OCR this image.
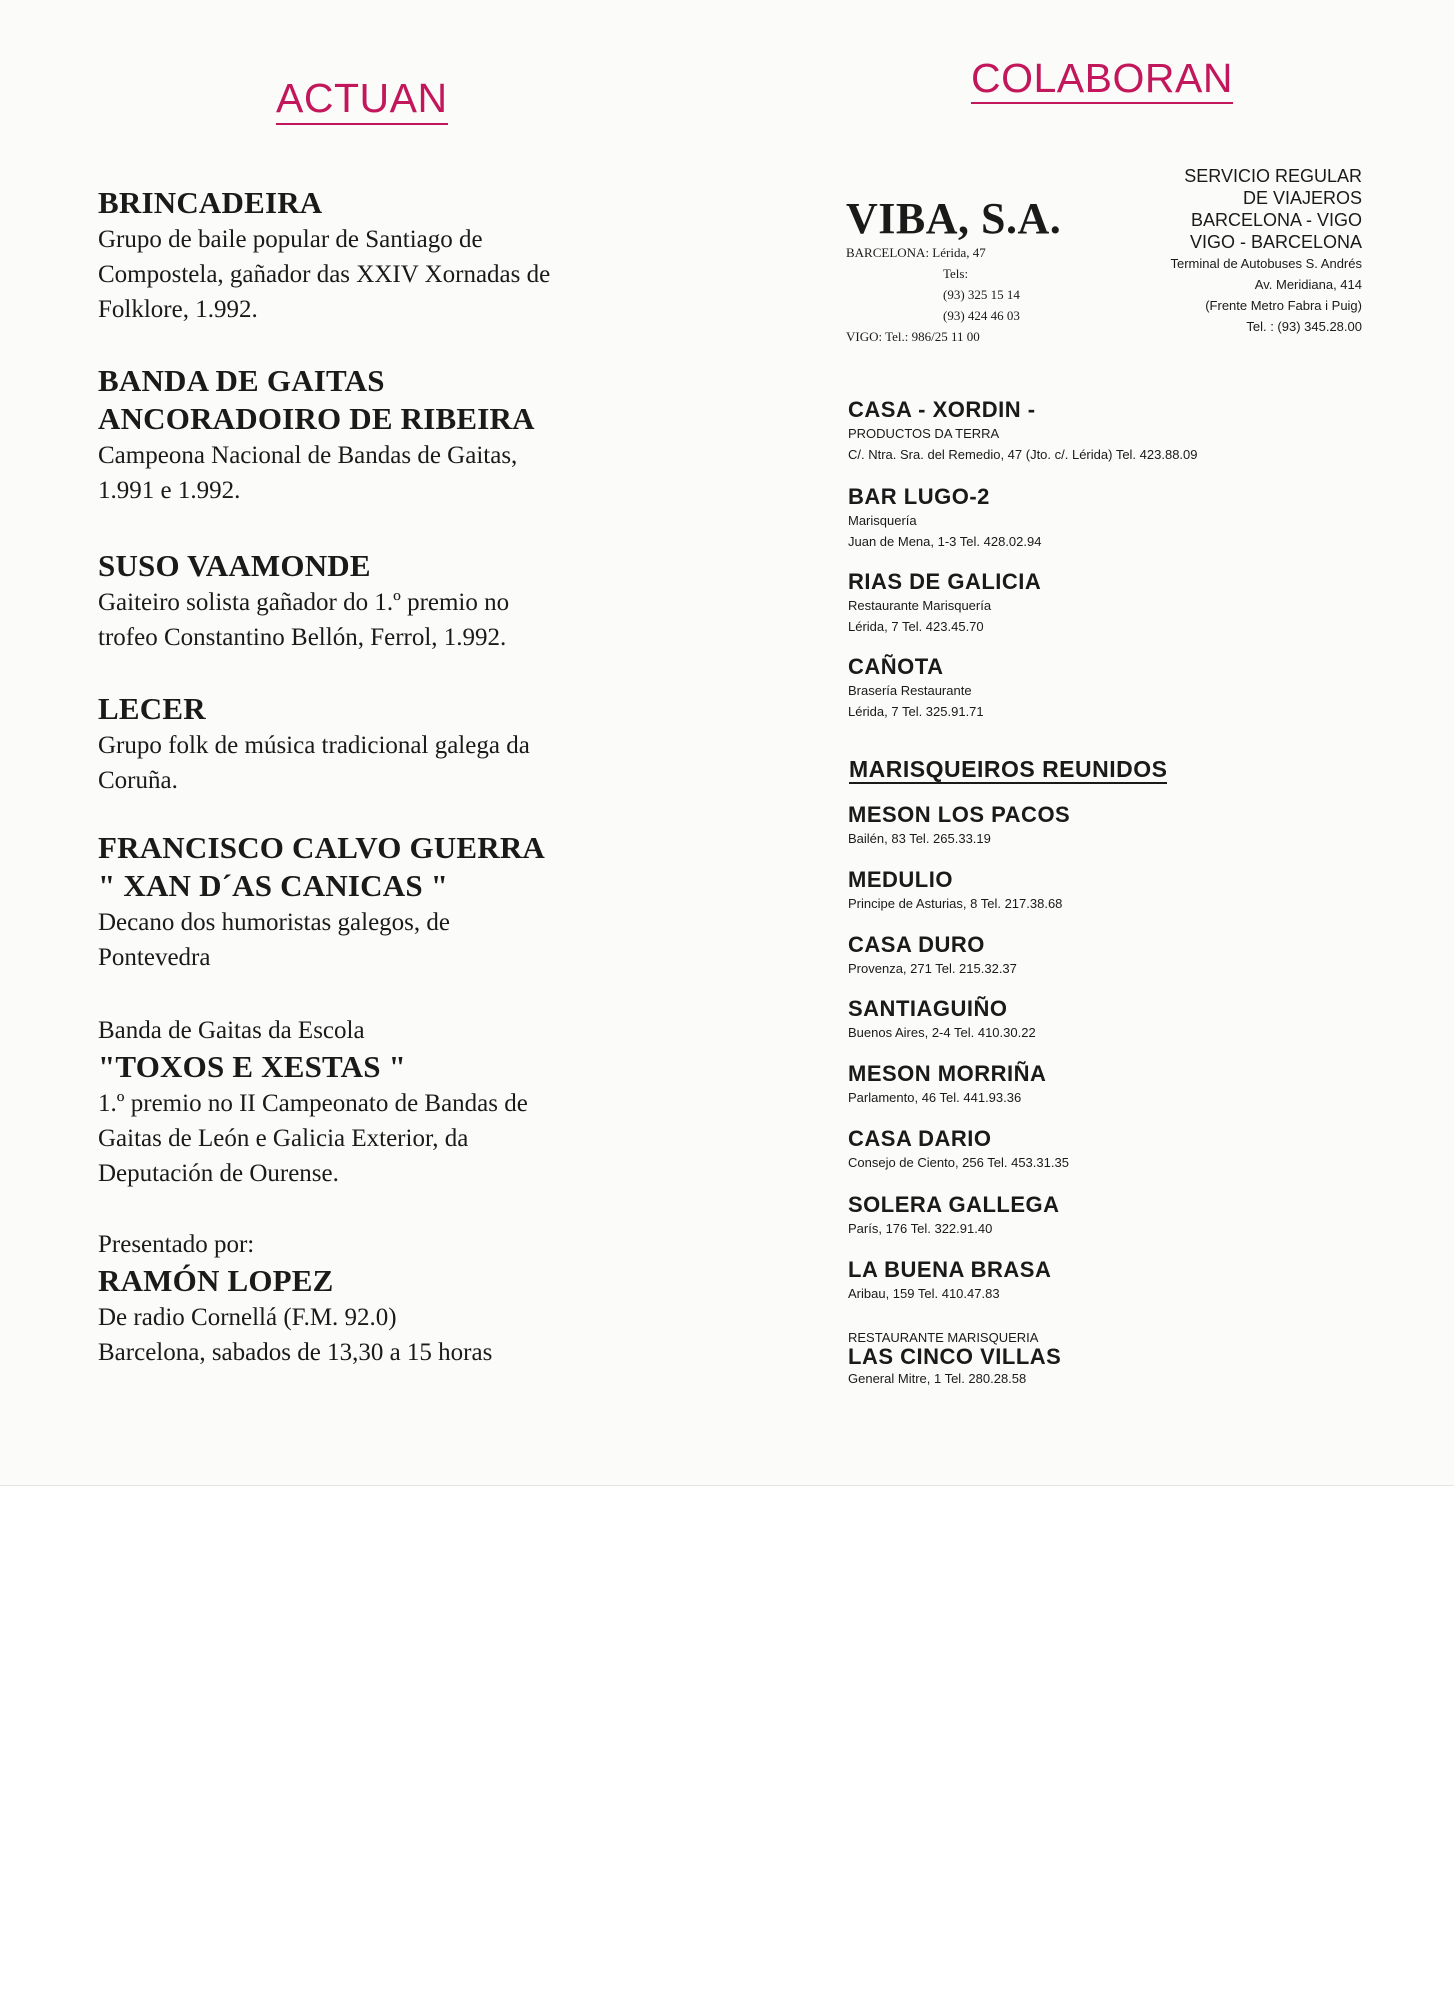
ACTUAN	COLABORAN
BRINCADEIRA
Grupo de baile popular de Santiago de
Compostela, gañador das XXIV Xornadas de
Folklore, 1.992.
BANDA DE GAITAS
ANCORADOIRO DE RIBEIRA
Campeona Nacional de Bandas de Gaitas,
1.991 e 1.992.
SUSO VAAMONDE
Gaiteiro solista gañador do 1.º premio no
trofeo Constantino Bellón, Ferrol, 1.992.
LECER
Grupo folk de música tradicional galega da
Coruña.
FRANCISCO CALVO GUERRA
" XAN D´AS CANICAS "
Decano dos humoristas galegos, de
Pontevedra
Banda de Gaitas da Escola
"TOXOS E XESTAS "
1.º premio no II Campeonato de Bandas de
Gaitas de León e Galicia Exterior, da
Deputación de Ourense.
Presentado por:
RAMÓN LOPEZ
De radio Cornellá (F.M. 92.0)
Barcelona, sabados de 13,30 a 15 horas
VIBA, S.A.
BARCELONA: Lérida, 47
Tels:
(93) 325 15 14
(93) 424 46 03
VIGO: Tel.: 986/25 11 00
SERVICIO REGULAR
DE VIAJEROS
BARCELONA - VIGO
VIGO - BARCELONA
Terminal de Autobuses S. Andrés
Av. Meridiana, 414
(Frente Metro Fabra i Puig)
Tel. : (93) 345.28.00
CASA - XORDIN -
PRODUCTOS DA TERRA
C/. Ntra. Sra. del Remedio, 47 (Jto. c/. Lérida) Tel. 423.88.09
BAR LUGO-2
Marisquería
Juan de Mena, 1-3 Tel. 428.02.94
RIAS DE GALICIA
Restaurante Marisquería
Lérida, 7 Tel. 423.45.70
CAÑOTA
Brasería Restaurante
Lérida, 7 Tel. 325.91.71
MARISQUEIROS REUNIDOS
MESON LOS PACOS
Bailén, 83 Tel. 265.33.19
MEDULIO
Principe de Asturias, 8 Tel. 217.38.68
CASA DURO
Provenza, 271 Tel. 215.32.37
SANTIAGUIÑO
Buenos Aires, 2-4 Tel. 410.30.22
MESON MORRIÑA
Parlamento, 46 Tel. 441.93.36
CASA DARIO
Consejo de Ciento, 256 Tel. 453.31.35
SOLERA GALLEGA
París, 176 Tel. 322.91.40
LA BUENA BRASA
Aribau, 159 Tel. 410.47.83
RESTAURANTE MARISQUERIA
LAS CINCO VILLAS
General Mitre, 1 Tel. 280.28.58
